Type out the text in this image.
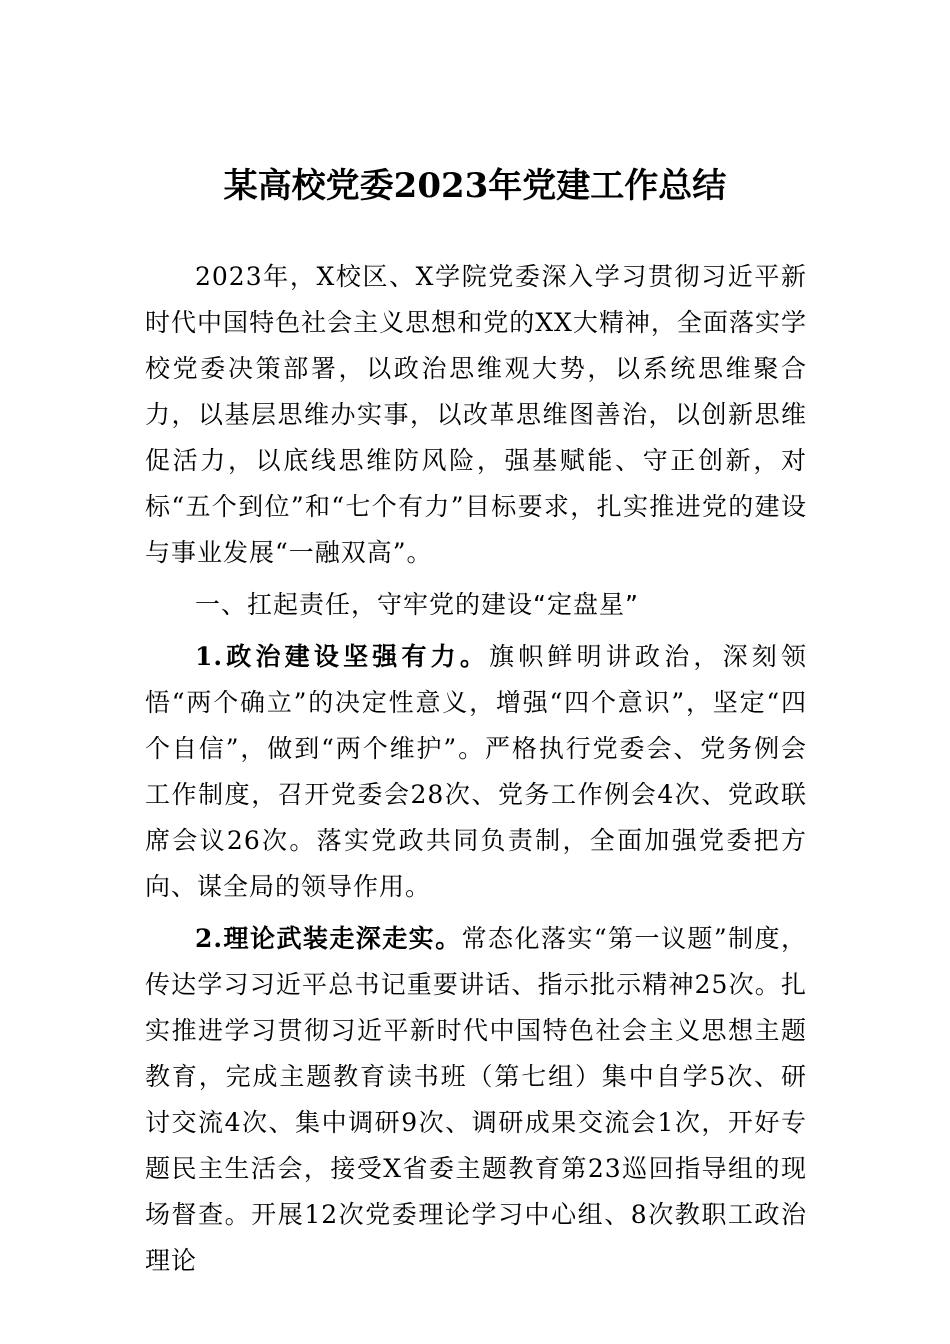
某高校党委2023年党建工作总结

2023年，X校区、X学院党委深入学习贯彻习近平新时代中国特色社会主义思想和党的XX大精神，全面落实学校党委决策部署，以政治思维观大势，以系统思维聚合力，以基层思维办实事，以改革思维图善治，以创新思维促活力，以底线思维防风险，强基赋能、守正创新，对标“五个到位”和“七个有力”目标要求，扎实推进党的建设与事业发展“一融双高”。

一、扛起责任，守牢党的建设“定盘星”

1.政治建设坚强有力。旗帜鲜明讲政治，深刻领悟“两个确立”的决定性意义，增强“四个意识”，坚定“四个自信”，做到“两个维护”。严格执行党委会、党务例会工作制度，召开党委会28次、党务工作例会4次、党政联席会议26次。落实党政共同负责制，全面加强党委把方向、谋全局的领导作用。

2.理论武装走深走实。常态化落实“第一议题”制度，传达学习习近平总书记重要讲话、指示批示精神25次。扎实推进学习贯彻习近平新时代中国特色社会主义思想主题教育，完成主题教育读书班（第七组）集中自学5次、研讨交流4次、集中调研9次、调研成果交流会1次，开好专题民主生活会，接受X省委主题教育第23巡回指导组的现场督查。开展12次党委理论学习中心组、8次教职工政治理论
